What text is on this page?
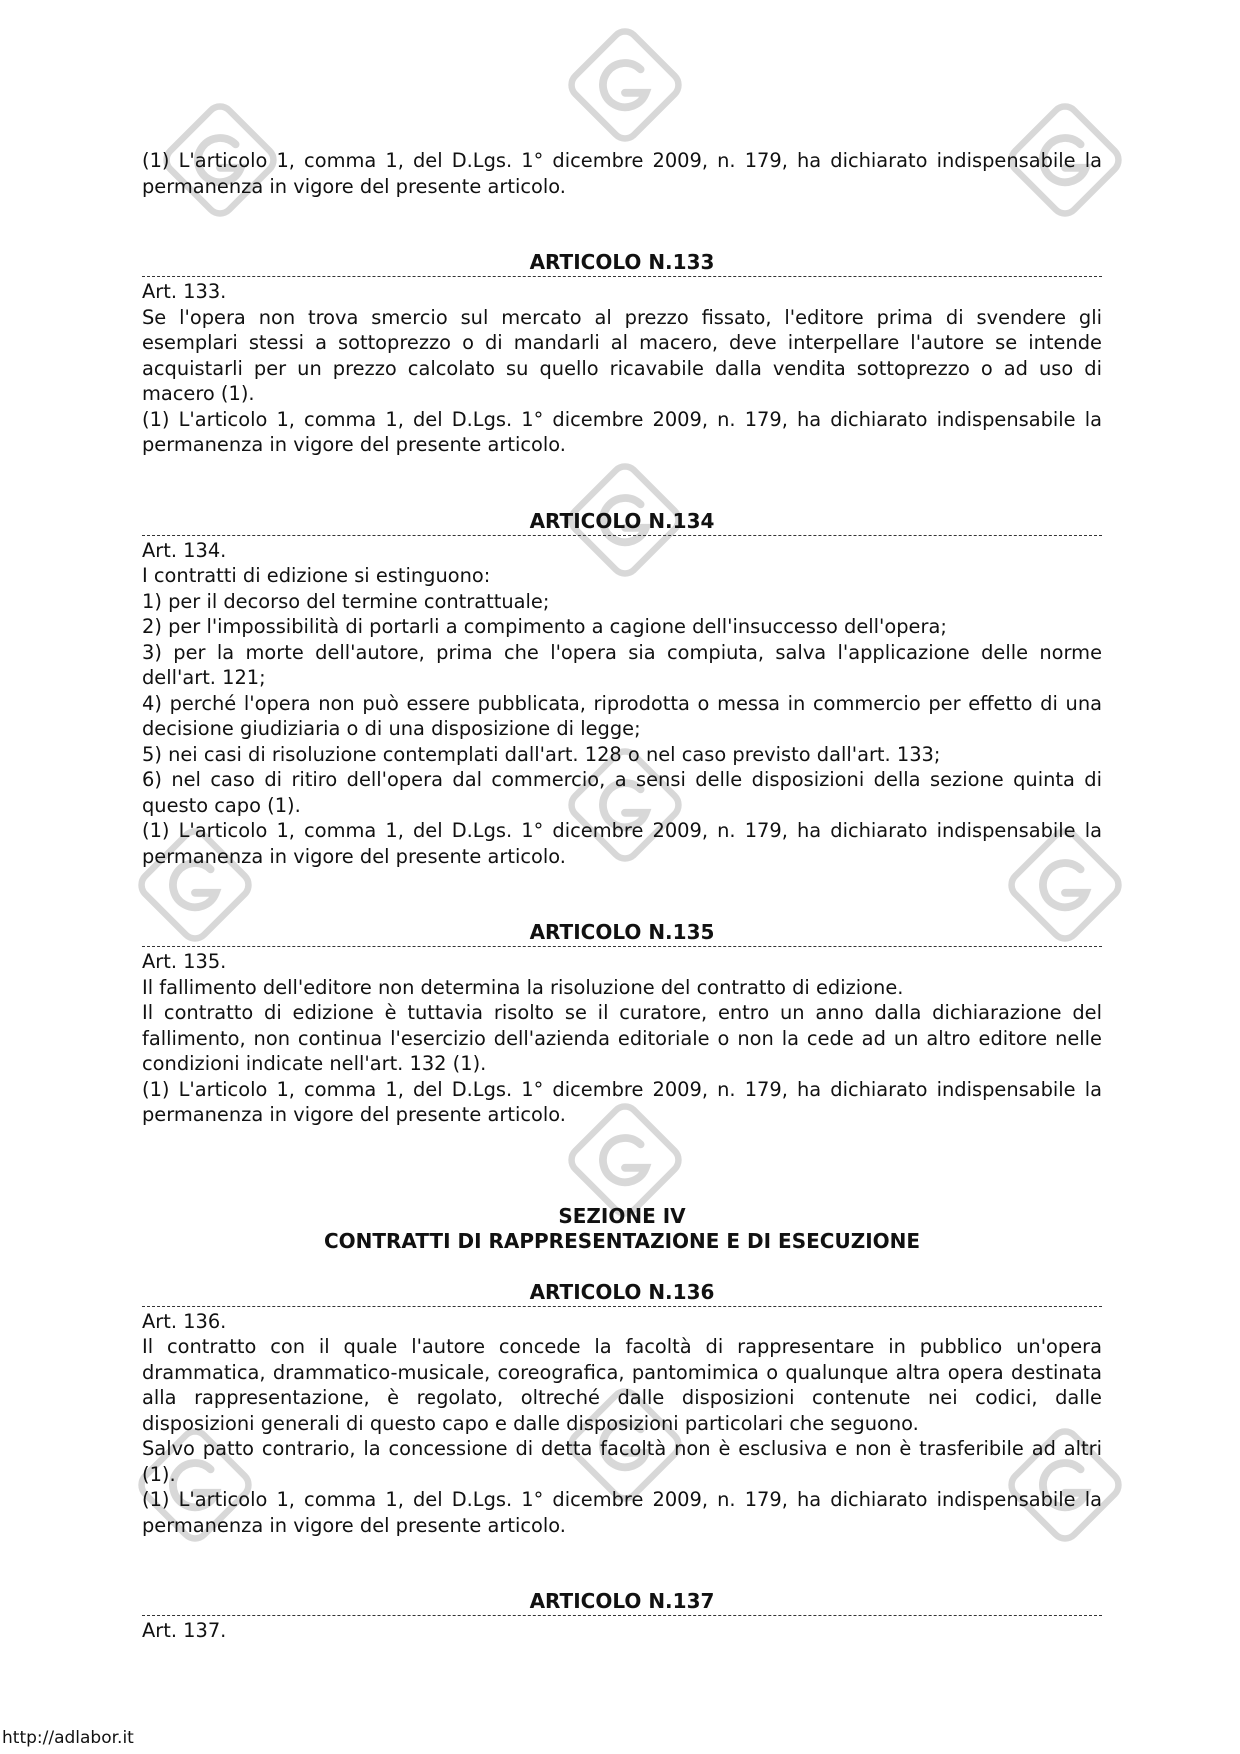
(1) L'articolo 1, comma 1, del D.Lgs. 1° dicembre 2009, n. 179, ha dichiarato indispensabile la permanenza in vigore del presente articolo.

ARTICOLO N.133

Art. 133.

Se l'opera non trova smercio sul mercato al prezzo fissato, l'editore prima di svendere gli esemplari stessi a sottoprezzo o di mandarli al macero, deve interpellare l'autore se intende acquistarli per un prezzo calcolato su quello ricavabile dalla vendita sottoprezzo o ad uso di macero (1).

(1) L'articolo 1, comma 1, del D.Lgs. 1° dicembre 2009, n. 179, ha dichiarato indispensabile la permanenza in vigore del presente articolo.

ARTICOLO N.134

Art. 134.

I contratti di edizione si estinguono:

1) per il decorso del termine contrattuale;

2) per l'impossibilità di portarli a compimento a cagione dell'insuccesso dell'opera;

3) per la morte dell'autore, prima che l'opera sia compiuta, salva l'applicazione delle norme dell'art. 121;

4) perché l'opera non può essere pubblicata, riprodotta o messa in commercio per effetto di una decisione giudiziaria o di una disposizione di legge;

5) nei casi di risoluzione contemplati dall'art. 128 o nel caso previsto dall'art. 133;

6) nel caso di ritiro dell'opera dal commercio, a sensi delle disposizioni della sezione quinta di questo capo (1).

(1) L'articolo 1, comma 1, del D.Lgs. 1° dicembre 2009, n. 179, ha dichiarato indispensabile la permanenza in vigore del presente articolo.

ARTICOLO N.135

Art. 135.

Il fallimento dell'editore non determina la risoluzione del contratto di edizione.

Il contratto di edizione è tuttavia risolto se il curatore, entro un anno dalla dichiarazione del fallimento, non continua l'esercizio dell'azienda editoriale o non la cede ad un altro editore nelle condizioni indicate nell'art. 132 (1).

(1) L'articolo 1, comma 1, del D.Lgs. 1° dicembre 2009, n. 179, ha dichiarato indispensabile la permanenza in vigore del presente articolo.

SEZIONE IV
CONTRATTI DI RAPPRESENTAZIONE E DI ESECUZIONE
ARTICOLO N.136

Art. 136.

Il contratto con il quale l'autore concede la facoltà di rappresentare in pubblico un'opera drammatica, drammatico-musicale, coreografica, pantomimica o qualunque altra opera destinata alla rappresentazione, è regolato, oltreché dalle disposizioni contenute nei codici, dalle disposizioni generali di questo capo e dalle disposizioni particolari che seguono.

Salvo patto contrario, la concessione di detta facoltà non è esclusiva e non è trasferibile ad altri (1).

(1) L'articolo 1, comma 1, del D.Lgs. 1° dicembre 2009, n. 179, ha dichiarato indispensabile la permanenza in vigore del presente articolo.

ARTICOLO N.137

Art. 137.

http://adlabor.it
